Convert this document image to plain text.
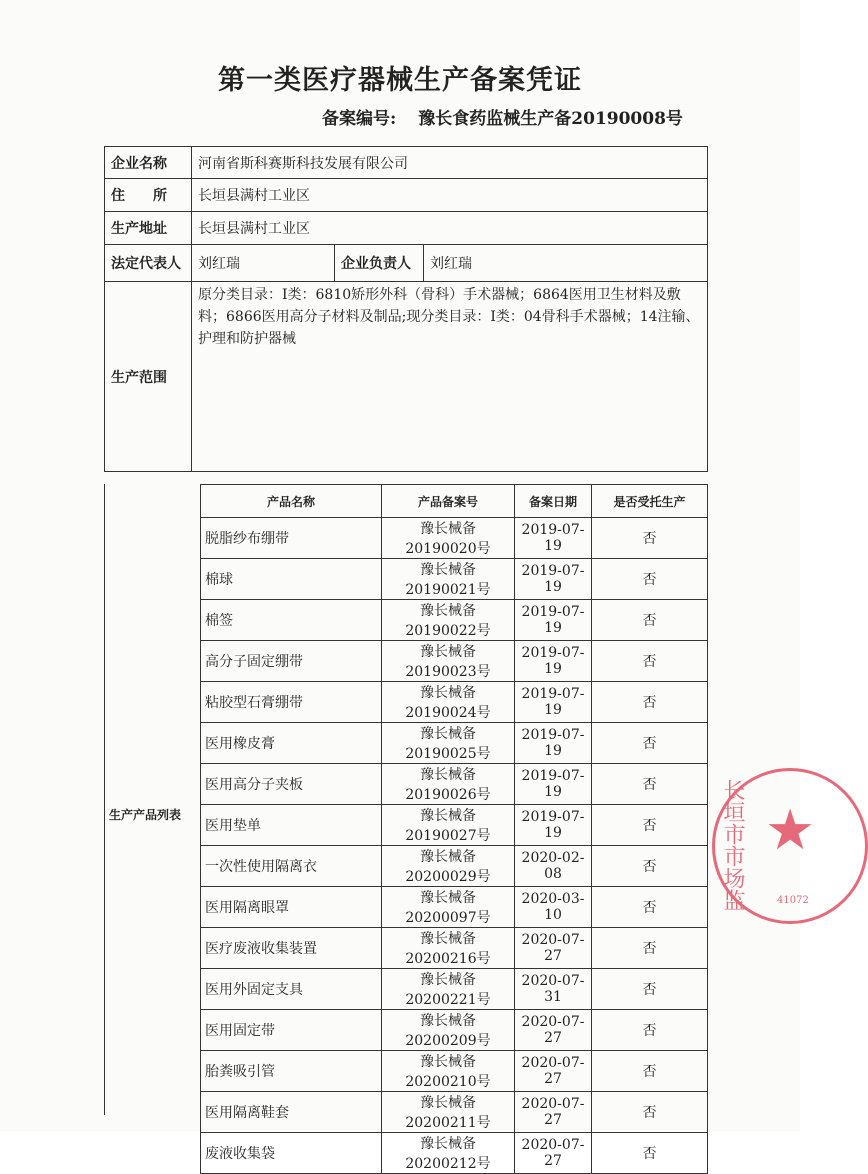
第一类医疗器械生产备案凭证
备案编号: 豫长食药监械生产备20190008号
企业名称	河南省斯科赛斯科技发展有限公司		
住　　所	长垣县满村工业区		
生产地址	长垣县满村工业区		
法定代表人	刘红瑞	企业负责人	刘红瑞
生产范围	原分类目录：Ⅰ类：6810矫形外科（骨科）手术器械；6864医用卫生材料及敷料；6866医用高分子材料及制品;现分类目录：Ⅰ类：04骨科手术器械；14注输、护理和防护器械		
生产产品列表
产品名称	产品备案号	备案日期	是否受托生产
脱脂纱布绷带	豫长械备20190020号	2019-07-19	否
棉球	豫长械备20190021号	2019-07-19	否
棉签	豫长械备20190022号	2019-07-19	否
高分子固定绷带	豫长械备20190023号	2019-07-19	否
粘胶型石膏绷带	豫长械备20190024号	2019-07-19	否
医用橡皮膏	豫长械备20190025号	2019-07-19	否
医用高分子夹板	豫长械备20190026号	2019-07-19	否
医用垫单	豫长械备20190027号	2019-07-19	否
一次性使用隔离衣	豫长械备20200029号	2020-02-08	否
医用隔离眼罩	豫长械备20200097号	2020-03-10	否
医疗废液收集装置	豫长械备20200216号	2020-07-27	否
医用外固定支具	豫长械备20200221号	2020-07-31	否
医用固定带	豫长械备20200209号	2020-07-27	否
胎粪吸引管	豫长械备20200210号	2020-07-27	否
医用隔离鞋套	豫长械备20200211号	2020-07-27	否
废液收集袋	豫长械备20200212号	2020-07-27	否
长垣市市场监 ★
41072
